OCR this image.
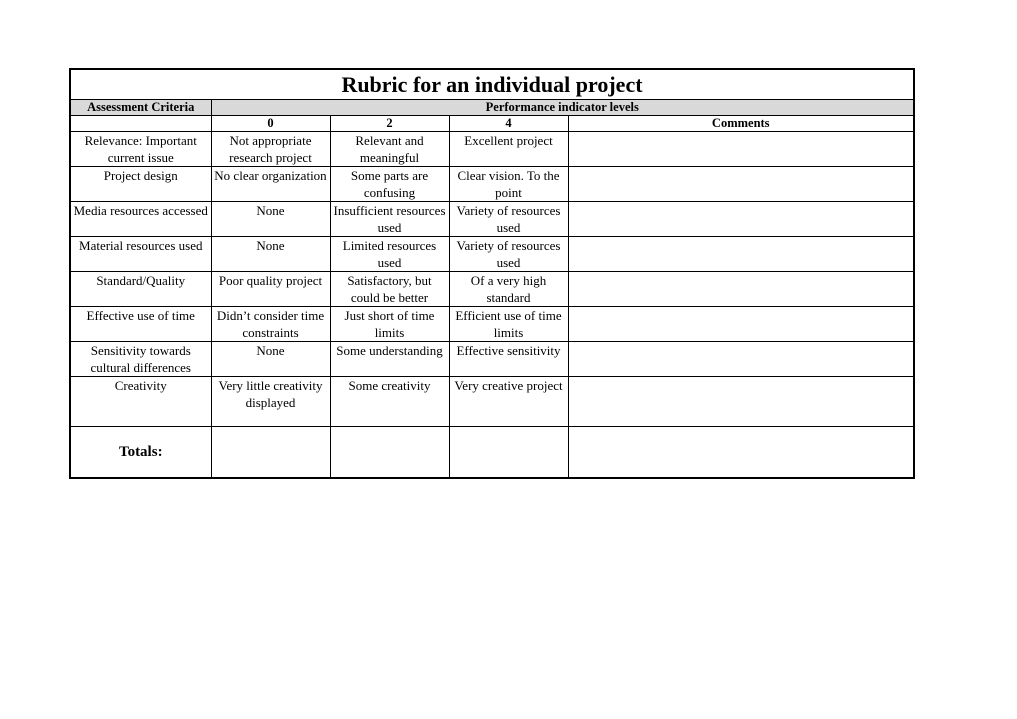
Rubric for an individual project				
Assessment Criteria	Performance indicator levels			
	0	2	4	Comments
Relevance: Important current issue	Not appropriate research project	Relevant and meaningful	Excellent project	
Project design	No clear organization	Some parts are confusing	Clear vision. To the point	
Media resources accessed	None	Insufficient resources used	Variety of resources used	
Material resources used	None	Limited resources used	Variety of resources used	
Standard/Quality	Poor quality project	Satisfactory, but could be better	Of a very high standard	
Effective use of time	Didn’t consider time constraints	Just short of time limits	Efficient use of time limits	
Sensitivity towards cultural differences	None	Some understanding	Effective sensitivity	
Creativity	Very little creativity displayed	Some creativity	Very creative project	
Totals:				
